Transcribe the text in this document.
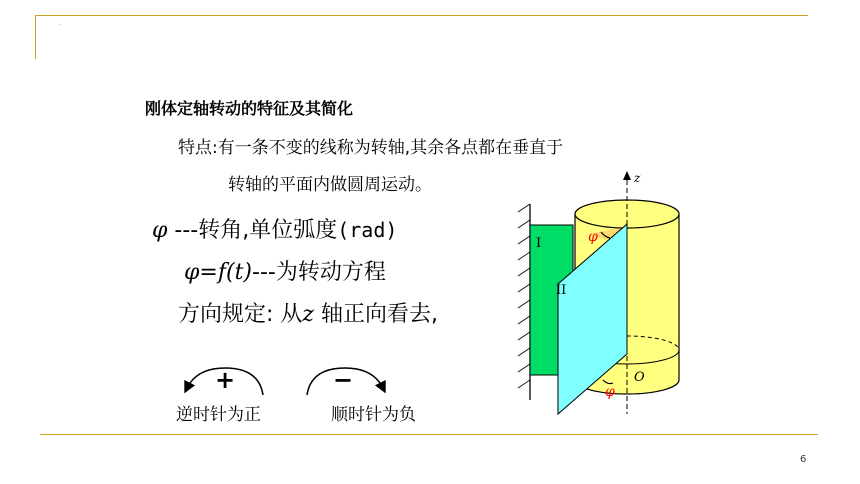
.
6
刚体定轴转动的特征及其简化
特点:有一条不变的线称为转轴,其余各点都在垂直于
转轴的平面内做圆周运动。
φ ---转角,单位弧度(rad)
φ=f(t)---为转动方程
方向规定: 从z 轴正向看去,
+	−
逆时针为正	顺时针为负
z
I
II
φ
φ
O
